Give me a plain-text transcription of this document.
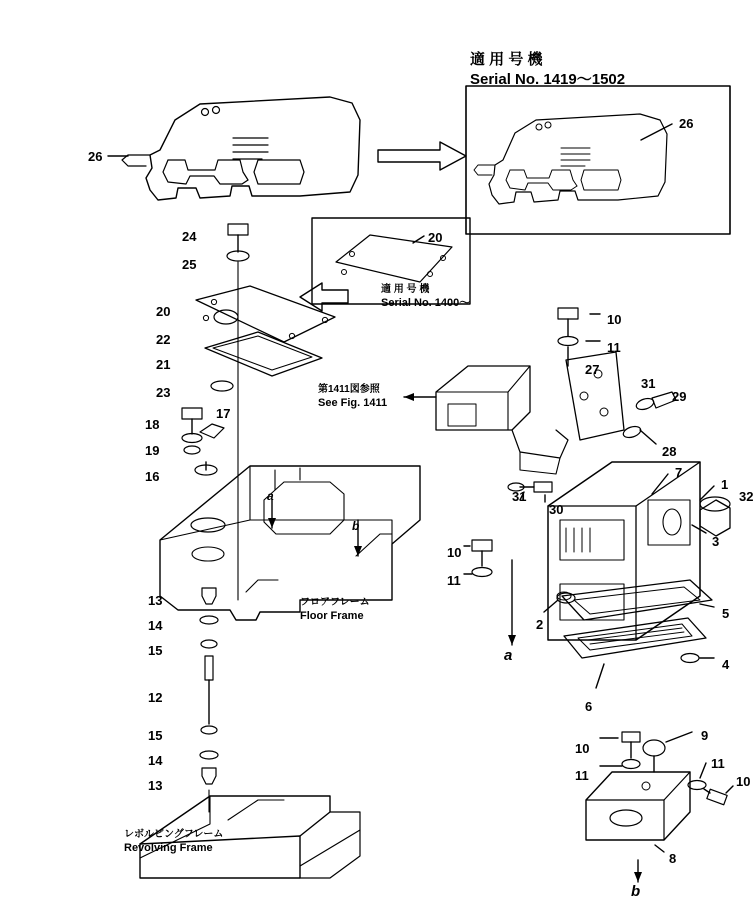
適 用 号 機
Serial No. 1419～1502
適 用 号 機
Serial No. 1400～
第1411図参照
See Fig. 1411
フロアフレーム
Floor Frame
レボルビングフレーム
Revolving Frame
a
b
a
b
26
26
24
25
20
22
21
23
20
18
17
19
16
13
14
15
12
15
14
13
10
11
27
31
29
28
31
30
7
1
32
3
10
11
2
5
4
6
9
10
11
11
10
8
